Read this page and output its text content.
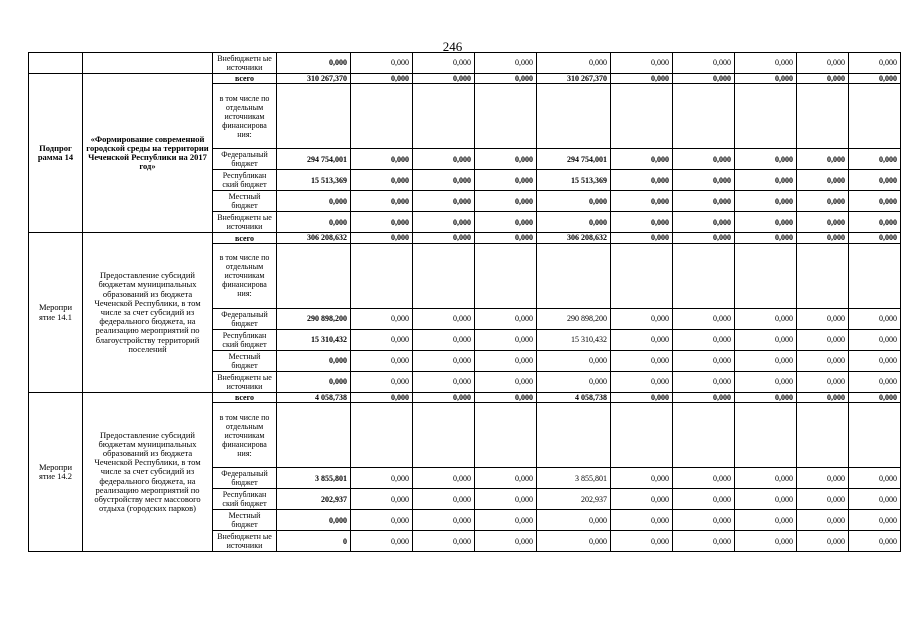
246
		Внебюджетн ые источники	0,000	0,000	0,000	0,000	0,000	0,000	0,000	0,000	0,000	0,000
Подпрог рамма 14	«Формирование современной городской среды на территории Чеченской Республики на 2017 год»	всего	310 267,370	0,000	0,000	0,000	310 267,370	0,000	0,000	0,000	0,000	0,000
		в том числе по отдельным источникам финансирова ния:										
		Федеральный бюджет	294 754,001	0,000	0,000	0,000	294 754,001	0,000	0,000	0,000	0,000	0,000
		Республикан ский бюджет	15 513,369	0,000	0,000	0,000	15 513,369	0,000	0,000	0,000	0,000	0,000
		Местный бюджет	0,000	0,000	0,000	0,000	0,000	0,000	0,000	0,000	0,000	0,000
		Внебюджетн ые источники	0,000	0,000	0,000	0,000	0,000	0,000	0,000	0,000	0,000	0,000
Меропри ятие 14.1	Предоставление субсидий бюджетам муниципальных образований из бюджета Чеченской Республики, в том числе за счет субсидий из федерального бюджета, на реализацию мероприятий по благоустройству территорий поселений	всего	306 208,632	0,000	0,000	0,000	306 208,632	0,000	0,000	0,000	0,000	0,000
		в том числе по отдельным источникам финансирова ния:										
		Федеральный бюджет	290 898,200	0,000	0,000	0,000	290 898,200	0,000	0,000	0,000	0,000	0,000
		Республикан ский бюджет	15 310,432	0,000	0,000	0,000	15 310,432	0,000	0,000	0,000	0,000	0,000
		Местный бюджет	0,000	0,000	0,000	0,000	0,000	0,000	0,000	0,000	0,000	0,000
		Внебюджетн ые источники	0,000	0,000	0,000	0,000	0,000	0,000	0,000	0,000	0,000	0,000
Меропри ятие 14.2	Предоставление субсидий бюджетам муниципальных образований из бюджета Чеченской Республики, в том числе за счет субсидий из федерального бюджета, на реализацию мероприятий по обустройству мест массового отдыха (городских парков)	всего	4 058,738	0,000	0,000	0,000	4 058,738	0,000	0,000	0,000	0,000	0,000
		в том числе по отдельным источникам финансирова ния:										
		Федеральный бюджет	3 855,801	0,000	0,000	0,000	3 855,801	0,000	0,000	0,000	0,000	0,000
		Республикан ский бюджет	202,937	0,000	0,000	0,000	202,937	0,000	0,000	0,000	0,000	0,000
		Местный бюджет	0,000	0,000	0,000	0,000	0,000	0,000	0,000	0,000	0,000	0,000
		Внебюджетн ые источники	0	0,000	0,000	0,000	0,000	0,000	0,000	0,000	0,000	0,000
